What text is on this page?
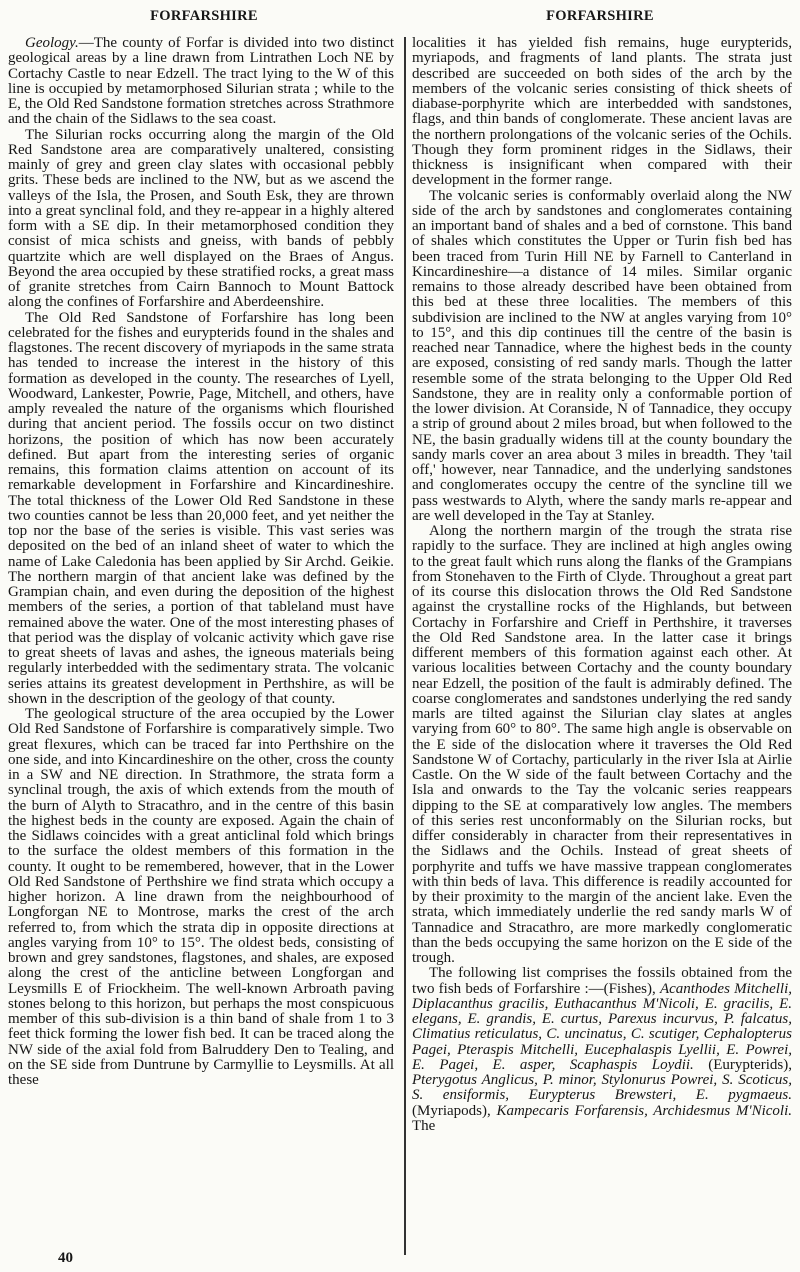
FORFARSHIRE	FORFARSHIRE

Geology.—The county of Forfar is divided into two distinct geological areas by a line drawn from Lintrathen Loch NE by Cortachy Castle to near Edzell. The tract lying to the W of this line is occupied by metamorphosed Silurian strata ; while to the E, the Old Red Sandstone formation stretches across Strathmore and the chain of the Sidlaws to the sea coast.

The Silurian rocks occurring along the margin of the Old Red Sandstone area are comparatively unaltered, consisting mainly of grey and green clay slates with occasional pebbly grits. These beds are inclined to the NW, but as we ascend the valleys of the Isla, the Prosen, and South Esk, they are thrown into a great synclinal fold, and they re-appear in a highly altered form with a SE dip. In their metamorphosed condition they consist of mica schists and gneiss, with bands of pebbly quartzite which are well displayed on the Braes of Angus. Beyond the area occupied by these stratified rocks, a great mass of granite stretches from Cairn Bannoch to Mount Battock along the confines of Forfarshire and Aberdeenshire.

The Old Red Sandstone of Forfarshire has long been celebrated for the fishes and eurypterids found in the shales and flagstones. The recent discovery of myriapods in the same strata has tended to increase the interest in the history of this formation as developed in the county. The researches of Lyell, Woodward, Lankester, Powrie, Page, Mitchell, and others, have amply revealed the nature of the organisms which flourished during that ancient period. The fossils occur on two distinct horizons, the position of which has now been accurately defined. But apart from the interesting series of organic remains, this formation claims attention on account of its remarkable development in Forfarshire and Kincardineshire. The total thickness of the Lower Old Red Sandstone in these two counties cannot be less than 20,000 feet, and yet neither the top nor the base of the series is visible. This vast series was deposited on the bed of an inland sheet of water to which the name of Lake Caledonia has been applied by Sir Archd. Geikie. The northern margin of that ancient lake was defined by the Grampian chain, and even during the deposition of the highest members of the series, a portion of that tableland must have remained above the water. One of the most interesting phases of that period was the display of volcanic activity which gave rise to great sheets of lavas and ashes, the igneous materials being regularly interbedded with the sedimentary strata. The volcanic series attains its greatest development in Perthshire, as will be shown in the description of the geology of that county.

The geological structure of the area occupied by the Lower Old Red Sandstone of Forfarshire is comparatively simple. Two great flexures, which can be traced far into Perthshire on the one side, and into Kincardineshire on the other, cross the county in a SW and NE direction. In Strathmore, the strata form a synclinal trough, the axis of which extends from the mouth of the burn of Alyth to Stracathro, and in the centre of this basin the highest beds in the county are exposed. Again the chain of the Sidlaws coincides with a great anticlinal fold which brings to the surface the oldest members of this formation in the county. It ought to be remembered, however, that in the Lower Old Red Sandstone of Perthshire we find strata which occupy a higher horizon. A line drawn from the neighbourhood of Longforgan NE to Montrose, marks the crest of the arch referred to, from which the strata dip in opposite directions at angles varying from 10° to 15°. The oldest beds, consisting of brown and grey sandstones, flagstones, and shales, are exposed along the crest of the anticline between Longforgan and Leysmills E of Friockheim. The well-known Arbroath paving stones belong to this horizon, but perhaps the most conspicuous member of this sub-division is a thin band of shale from 1 to 3 feet thick forming the lower fish bed. It can be traced along the NW side of the axial fold from Balruddery Den to Tealing, and on the SE side from Duntrune by Carmyllie to Leysmills. At all these

localities it has yielded fish remains, huge eurypterids, myriapods, and fragments of land plants. The strata just described are succeeded on both sides of the arch by the members of the volcanic series consisting of thick sheets of diabase-porphyrite which are interbedded with sandstones, flags, and thin bands of conglomerate. These ancient lavas are the northern prolongations of the volcanic series of the Ochils. Though they form prominent ridges in the Sidlaws, their thickness is insignificant when compared with their development in the former range.

The volcanic series is conformably overlaid along the NW side of the arch by sandstones and conglomerates containing an important band of shales and a bed of cornstone. This band of shales which constitutes the Upper or Turin fish bed has been traced from Turin Hill NE by Farnell to Canterland in Kincardineshire—a distance of 14 miles. Similar organic remains to those already described have been obtained from this bed at these three localities. The members of this subdivision are inclined to the NW at angles varying from 10° to 15°, and this dip continues till the centre of the basin is reached near Tannadice, where the highest beds in the county are exposed, consisting of red sandy marls. Though the latter resemble some of the strata belonging to the Upper Old Red Sandstone, they are in reality only a conformable portion of the lower division. At Coranside, N of Tannadice, they occupy a strip of ground about 2 miles broad, but when followed to the NE, the basin gradually widens till at the county boundary the sandy marls cover an area about 3 miles in breadth. They 'tail off,' however, near Tannadice, and the underlying sandstones and conglomerates occupy the centre of the syncline till we pass westwards to Alyth, where the sandy marls re-appear and are well developed in the Tay at Stanley.

Along the northern margin of the trough the strata rise rapidly to the surface. They are inclined at high angles owing to the great fault which runs along the flanks of the Grampians from Stonehaven to the Firth of Clyde. Throughout a great part of its course this dislocation throws the Old Red Sandstone against the crystalline rocks of the Highlands, but between Cortachy in Forfarshire and Crieff in Perthshire, it traverses the Old Red Sandstone area. In the latter case it brings different members of this formation against each other. At various localities between Cortachy and the county boundary near Edzell, the position of the fault is admirably defined. The coarse conglomerates and sandstones underlying the red sandy marls are tilted against the Silurian clay slates at angles varying from 60° to 80°. The same high angle is observable on the E side of the dislocation where it traverses the Old Red Sandstone W of Cortachy, particularly in the river Isla at Airlie Castle. On the W side of the fault between Cortachy and the Isla and onwards to the Tay the volcanic series reappears dipping to the SE at comparatively low angles. The members of this series rest unconformably on the Silurian rocks, but differ considerably in character from their representatives in the Sidlaws and the Ochils. Instead of great sheets of porphyrite and tuffs we have massive trappean conglomerates with thin beds of lava. This difference is readily accounted for by their proximity to the margin of the ancient lake. Even the strata, which immediately underlie the red sandy marls W of Tannadice and Stracathro, are more markedly conglomeratic than the beds occupying the same horizon on the E side of the trough.

The following list comprises the fossils obtained from the two fish beds of Forfarshire :—(Fishes), Acanthodes Mitchelli, Diplacanthus gracilis, Euthacanthus M'Nicoli, E. gracilis, E. elegans, E. grandis, E. curtus, Parexus incurvus, P. falcatus, Climatius reticulatus, C. uncinatus, C. scutiger, Cephalopterus Pagei, Pteraspis Mitchelli, Eucephalaspis Lyellii, E. Powrei, E. Pagei, E. asper, Scaphaspis Loydii. (Eurypterids), Pterygotus Anglicus, P. minor, Stylonurus Powrei, S. Scoticus, S. ensiformis, Eurypterus Brewsteri, E. pygmaeus. (Myriapods), Kampecaris Forfarensis, Archidesmus M'Nicoli. The

40
